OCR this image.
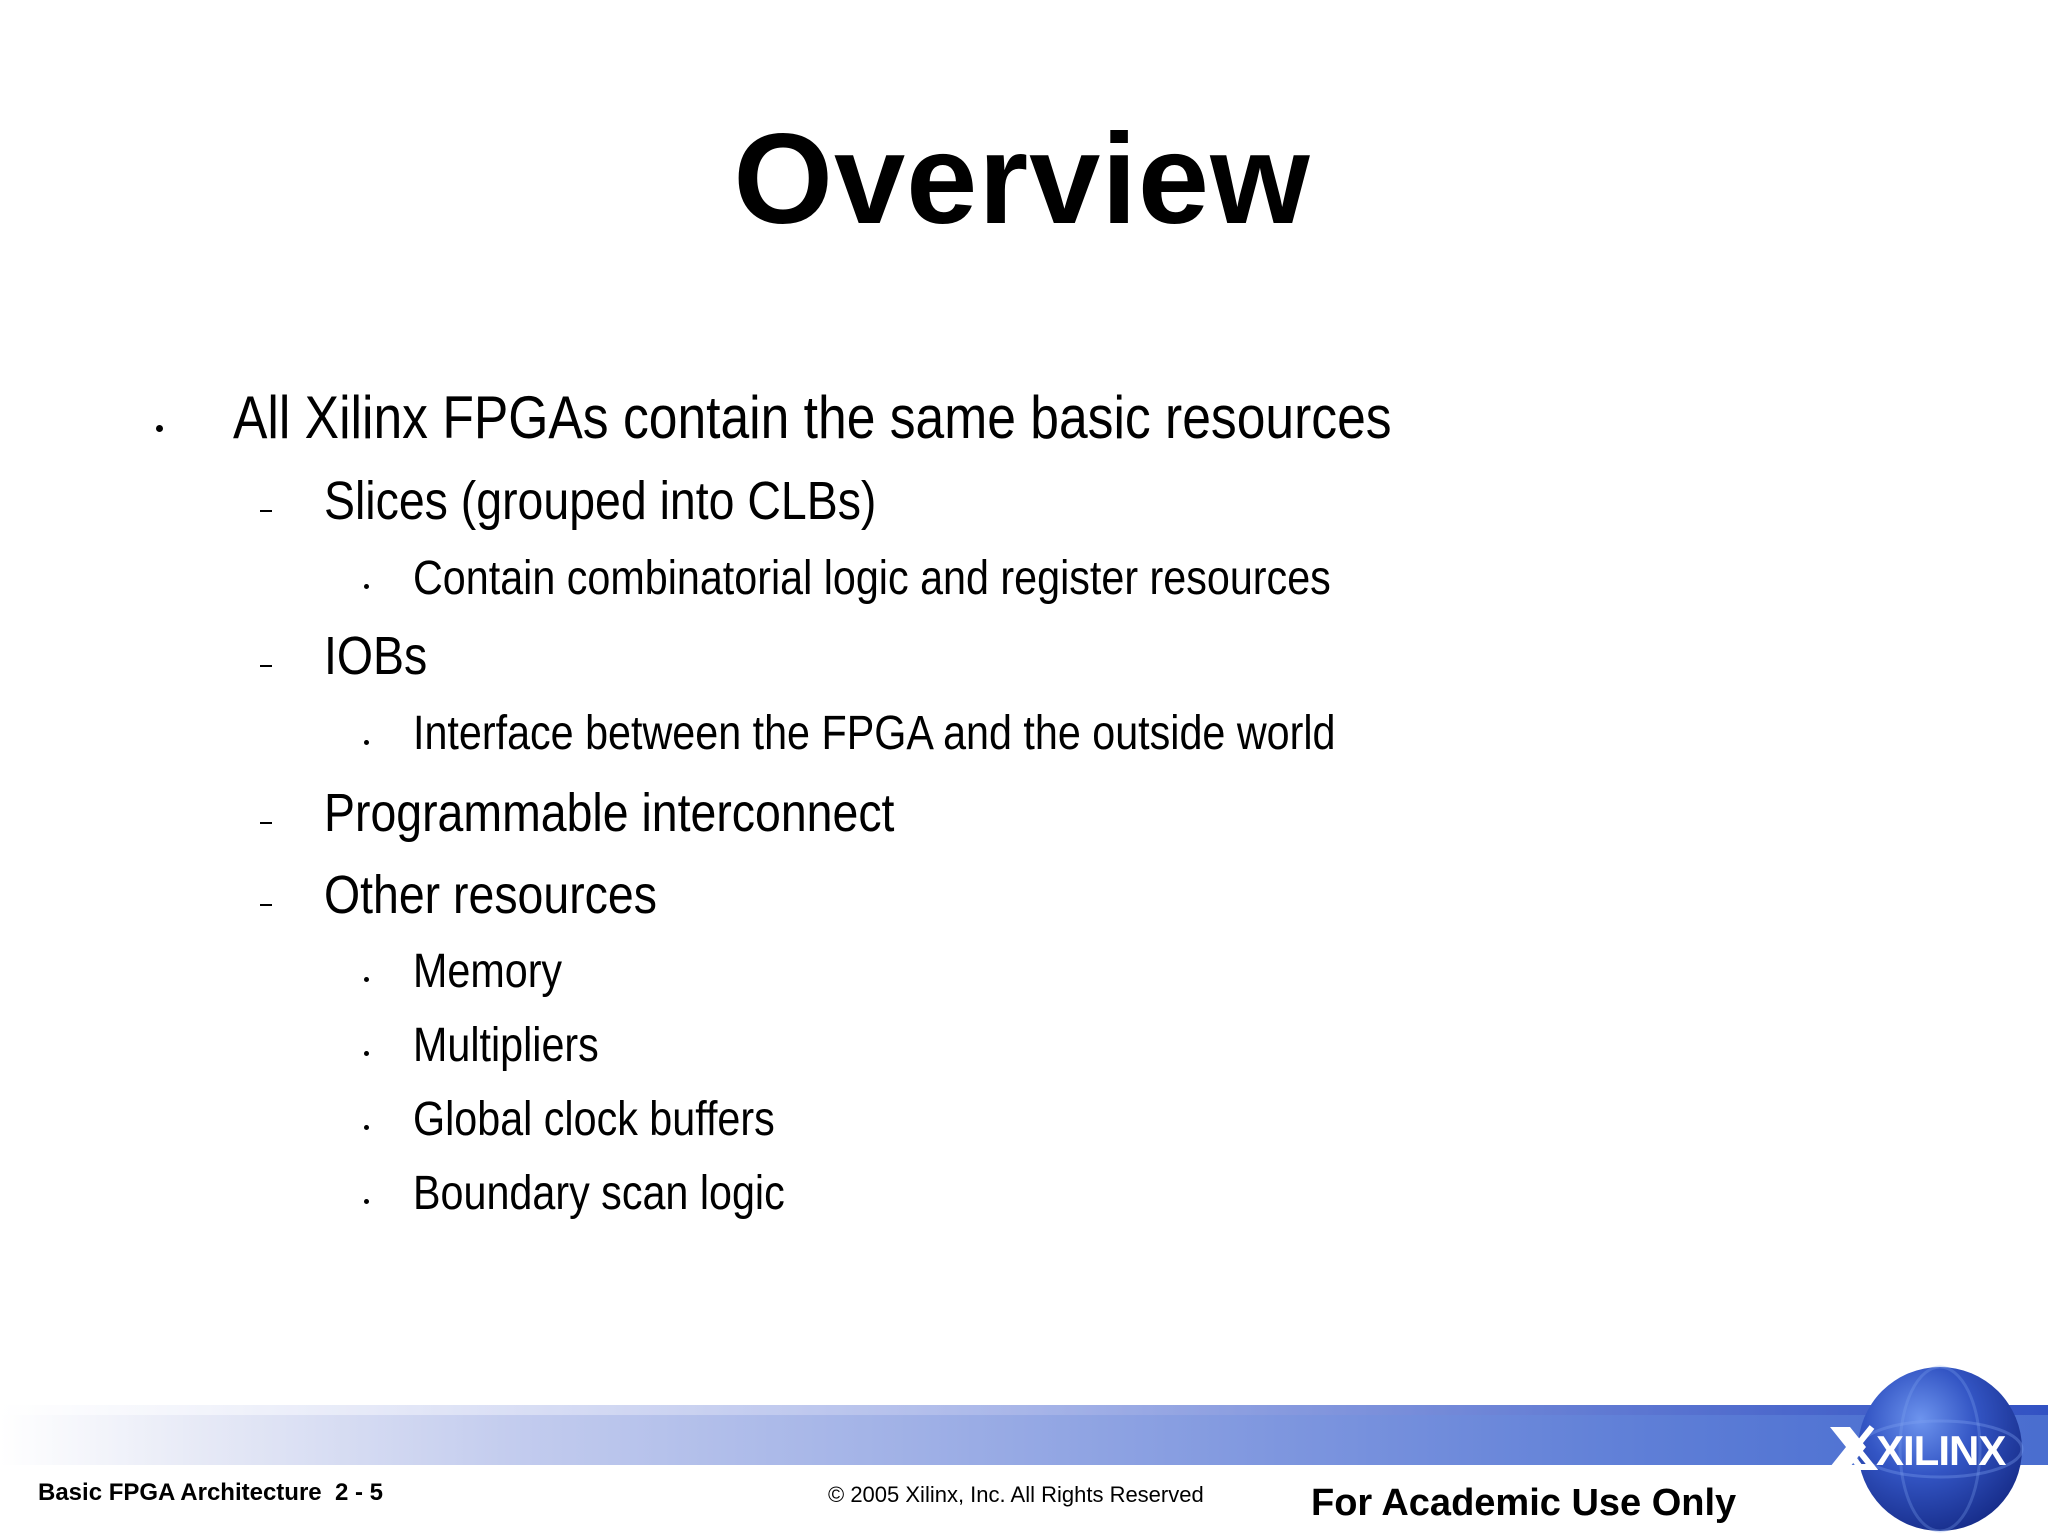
Overview
All Xilinx FPGAs contain the same basic resources
Slices (grouped into CLBs)
Contain combinatorial logic and register resources
IOBs
Interface between the FPGA and the outside world
Programmable interconnect
Other resources
Memory
Multipliers
Global clock buffers
Boundary scan logic
Basic FPGA Architecture  2 - 5	© 2005 Xilinx, Inc. All Rights Reserved	For Academic Use Only
XILINX
